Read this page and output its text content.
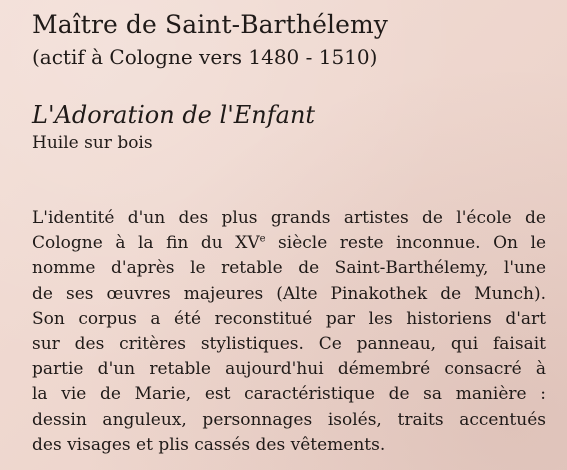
Maître de Saint-Barthélemy
(actif à Cologne vers 1480 - 1510)
L'Adoration de l'Enfant
Huile sur bois
L'identité d'un des plus grands artistes de l'école de
Cologne à la fin du XVe siècle reste inconnue. On le
nomme d'après le retable de Saint-Barthélemy, l'une
de ses œuvres majeures (Alte Pinakothek de Munch).
Son corpus a été reconstitué par les historiens d'art
sur des critères stylistiques. Ce panneau, qui faisait
partie d'un retable aujourd'hui démembré consacré à
la vie de Marie, est caractéristique de sa manière :
dessin anguleux, personnages isolés, traits accentués
des visages et plis cassés des vêtements.
